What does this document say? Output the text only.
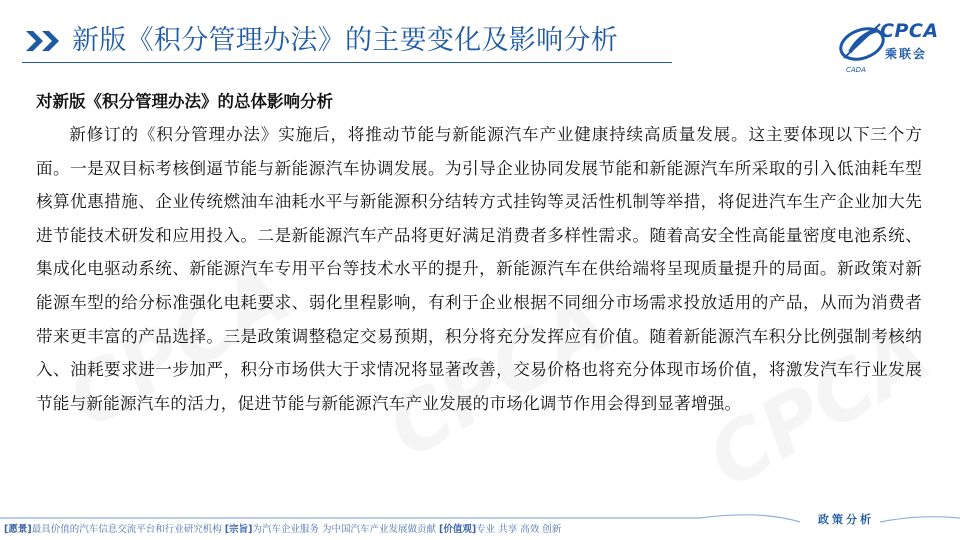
新版《积分管理办法》的主要变化及影响分析
CADA
CPCA
乘联会
对新版《积分管理办法》的总体影响分析
新修订的《积分管理办法》实施后，将推动节能与新能源汽车产业健康持续高质量发展。这主要体现以下三个方面。一是双目标考核倒逼节能与新能源汽车协调发展。为引导企业协同发展节能和新能源汽车所采取的引入低油耗车型核算优惠措施、企业传统燃油车油耗水平与新能源积分结转方式挂钩等灵活性机制等举措，将促进汽车生产企业加大先进节能技术研发和应用投入。二是新能源汽车产品将更好满足消费者多样性需求。随着高安全性高能量密度电池系统、集成化电驱动系统、新能源汽车专用平台等技术水平的提升，新能源汽车在供给端将呈现质量提升的局面。新政策对新能源车型的给分标准强化电耗要求、弱化里程影响，有利于企业根据不同细分市场需求投放适用的产品，从而为消费者带来更丰富的产品选择。三是政策调整稳定交易预期，积分将充分发挥应有价值。随着新能源汽车积分比例强制考核纳入、油耗要求进一步加严，积分市场供大于求情况将显著改善，交易价格也将充分体现市场价值，将激发汽车行业发展节能与新能源汽车的活力，促进节能与新能源汽车产业发展的市场化调节作用会得到显著增强。
[愿景]最具价值的汽车信息交流平台和行业研究机构 [宗旨]为汽车企业服务 为中国汽车产业发展做贡献 [价值观]专业 共享 高效 创新
政策分析
